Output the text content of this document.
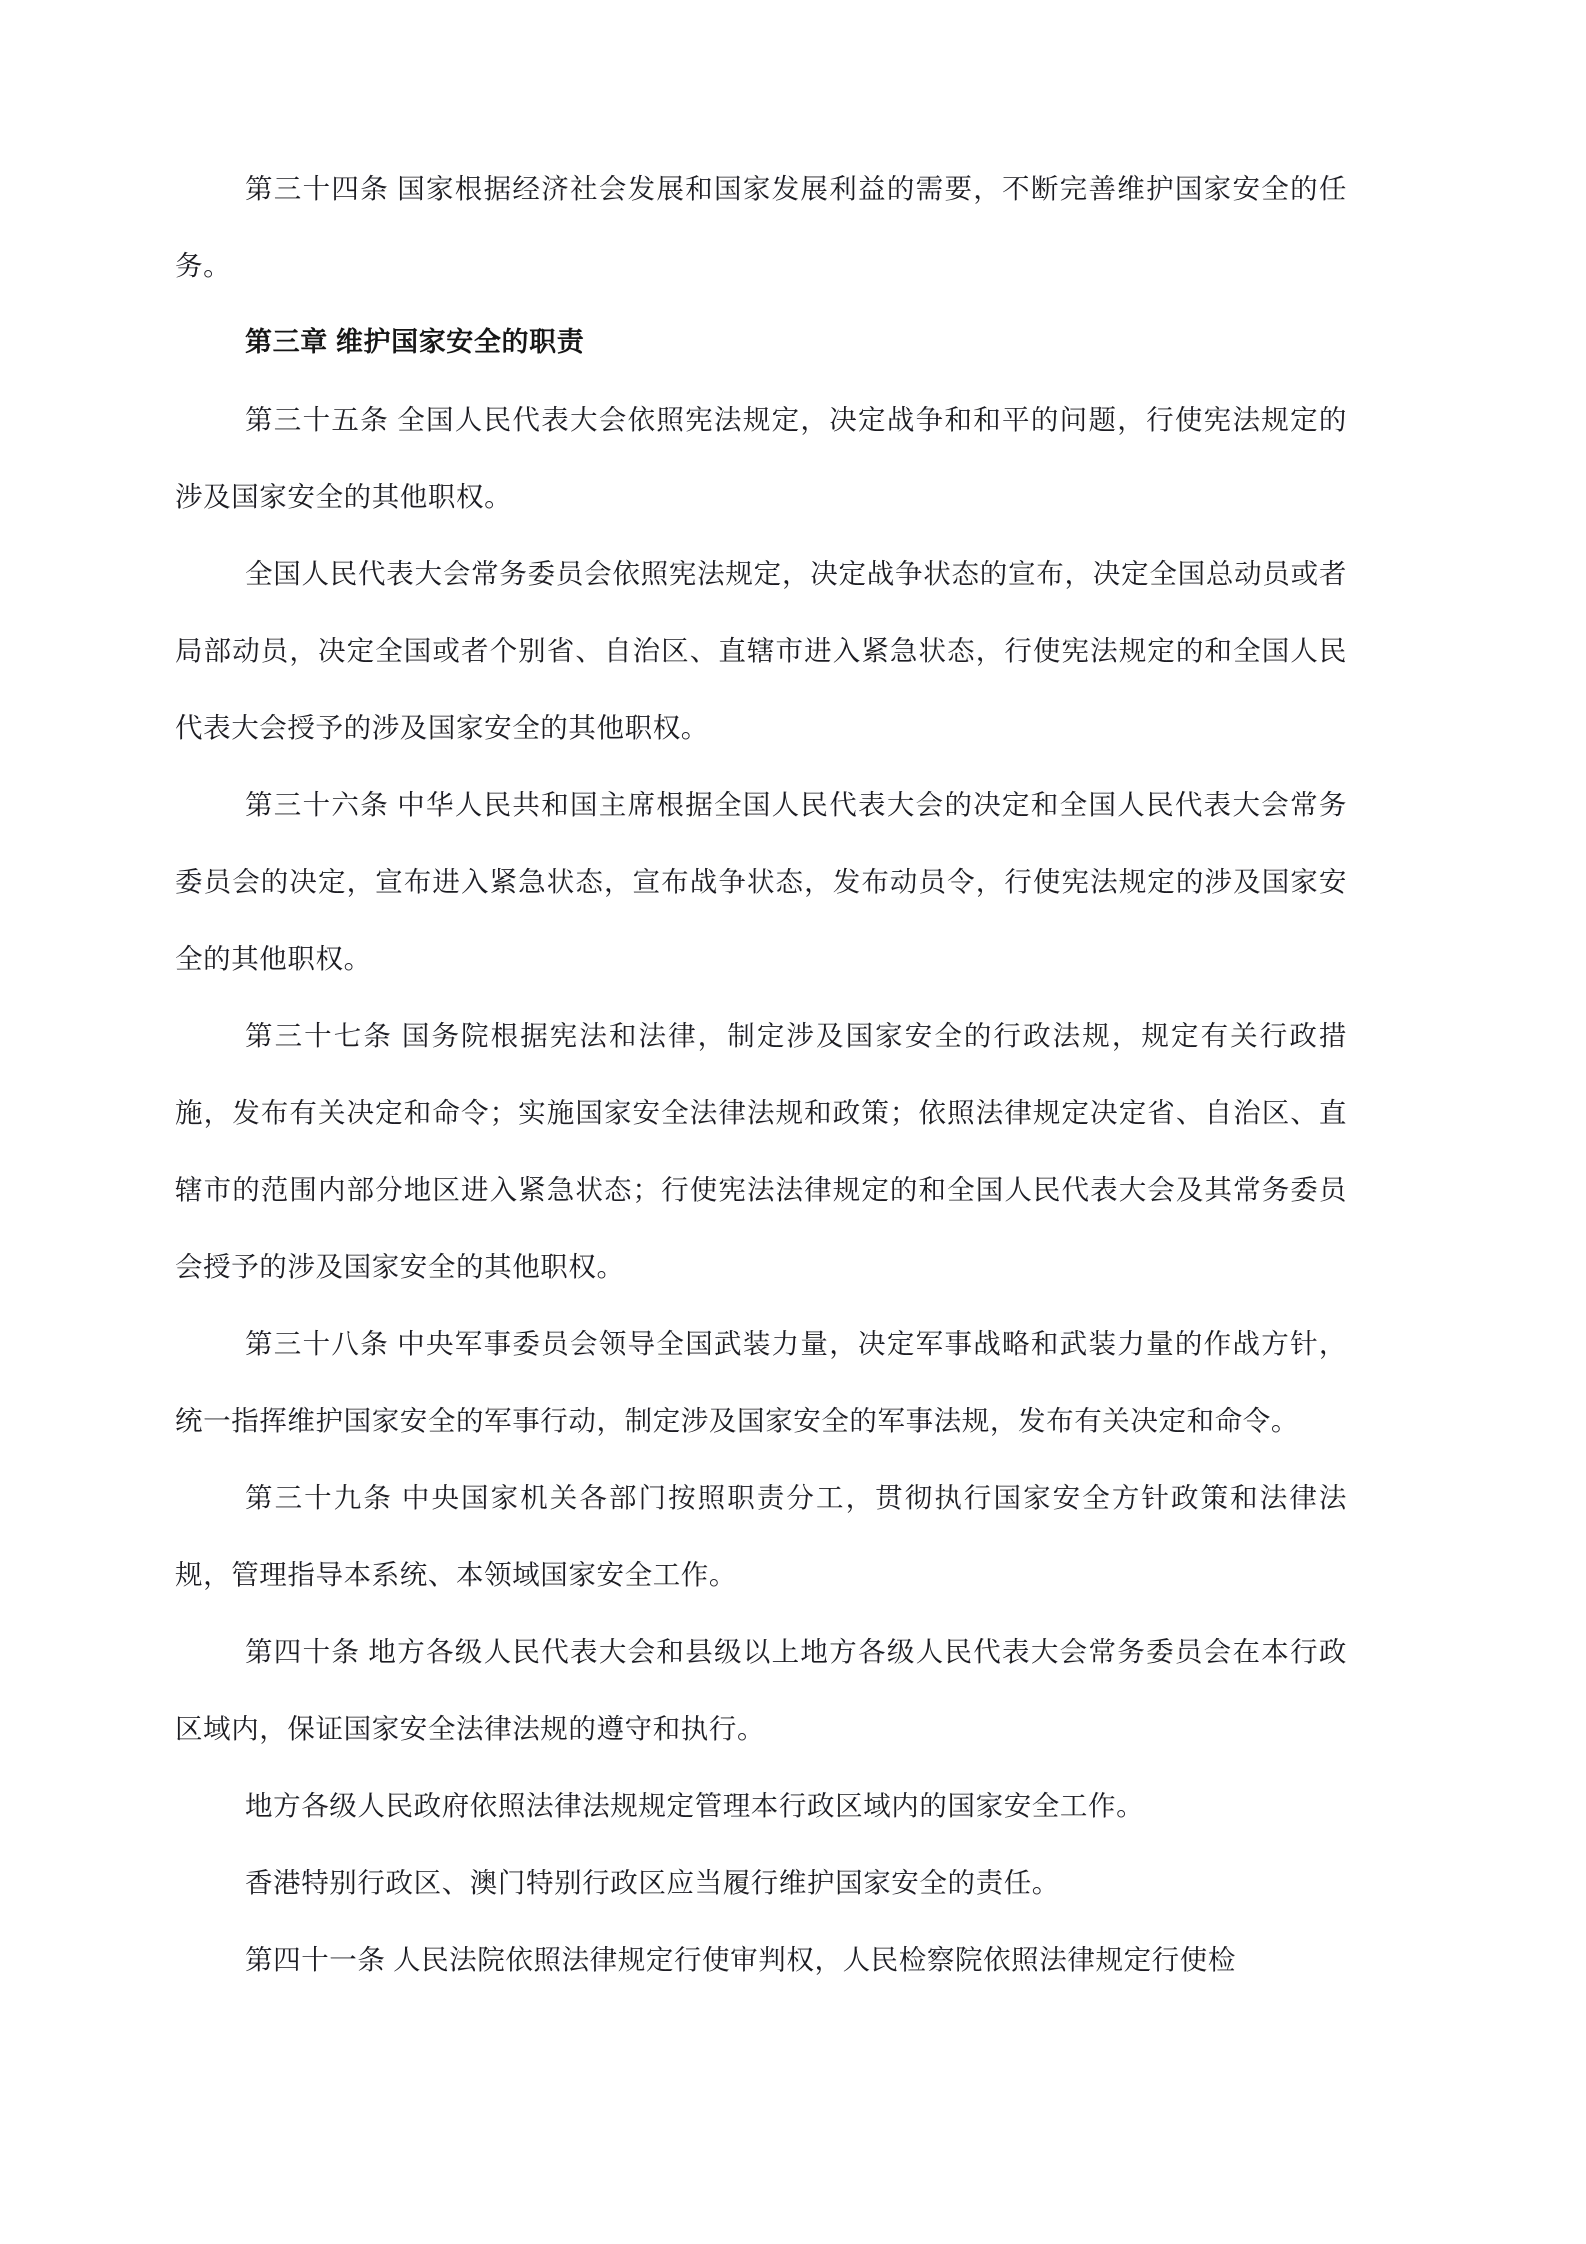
第三十四条 国家根据经济社会发展和国家发展利益的需要，不断完善维护国家安全的任务。

第三章 维护国家安全的职责

第三十五条 全国人民代表大会依照宪法规定，决定战争和和平的问题，行使宪法规定的涉及国家安全的其他职权。

全国人民代表大会常务委员会依照宪法规定，决定战争状态的宣布，决定全国总动员或者局部动员，决定全国或者个别省、自治区、直辖市进入紧急状态，行使宪法规定的和全国人民代表大会授予的涉及国家安全的其他职权。

第三十六条 中华人民共和国主席根据全国人民代表大会的决定和全国人民代表大会常务委员会的决定，宣布进入紧急状态，宣布战争状态，发布动员令，行使宪法规定的涉及国家安全的其他职权。

第三十七条 国务院根据宪法和法律，制定涉及国家安全的行政法规，规定有关行政措施，发布有关决定和命令；实施国家安全法律法规和政策；依照法律规定决定省、自治区、直辖市的范围内部分地区进入紧急状态；行使宪法法律规定的和全国人民代表大会及其常务委员会授予的涉及国家安全的其他职权。

第三十八条 中央军事委员会领导全国武装力量，决定军事战略和武装力量的作战方针，统一指挥维护国家安全的军事行动，制定涉及国家安全的军事法规，发布有关决定和命令。

第三十九条 中央国家机关各部门按照职责分工，贯彻执行国家安全方针政策和法律法规，管理指导本系统、本领域国家安全工作。

第四十条 地方各级人民代表大会和县级以上地方各级人民代表大会常务委员会在本行政区域内，保证国家安全法律法规的遵守和执行。

地方各级人民政府依照法律法规规定管理本行政区域内的国家安全工作。

香港特别行政区、澳门特别行政区应当履行维护国家安全的责任。

第四十一条 人民法院依照法律规定行使审判权，人民检察院依照法律规定行使检
